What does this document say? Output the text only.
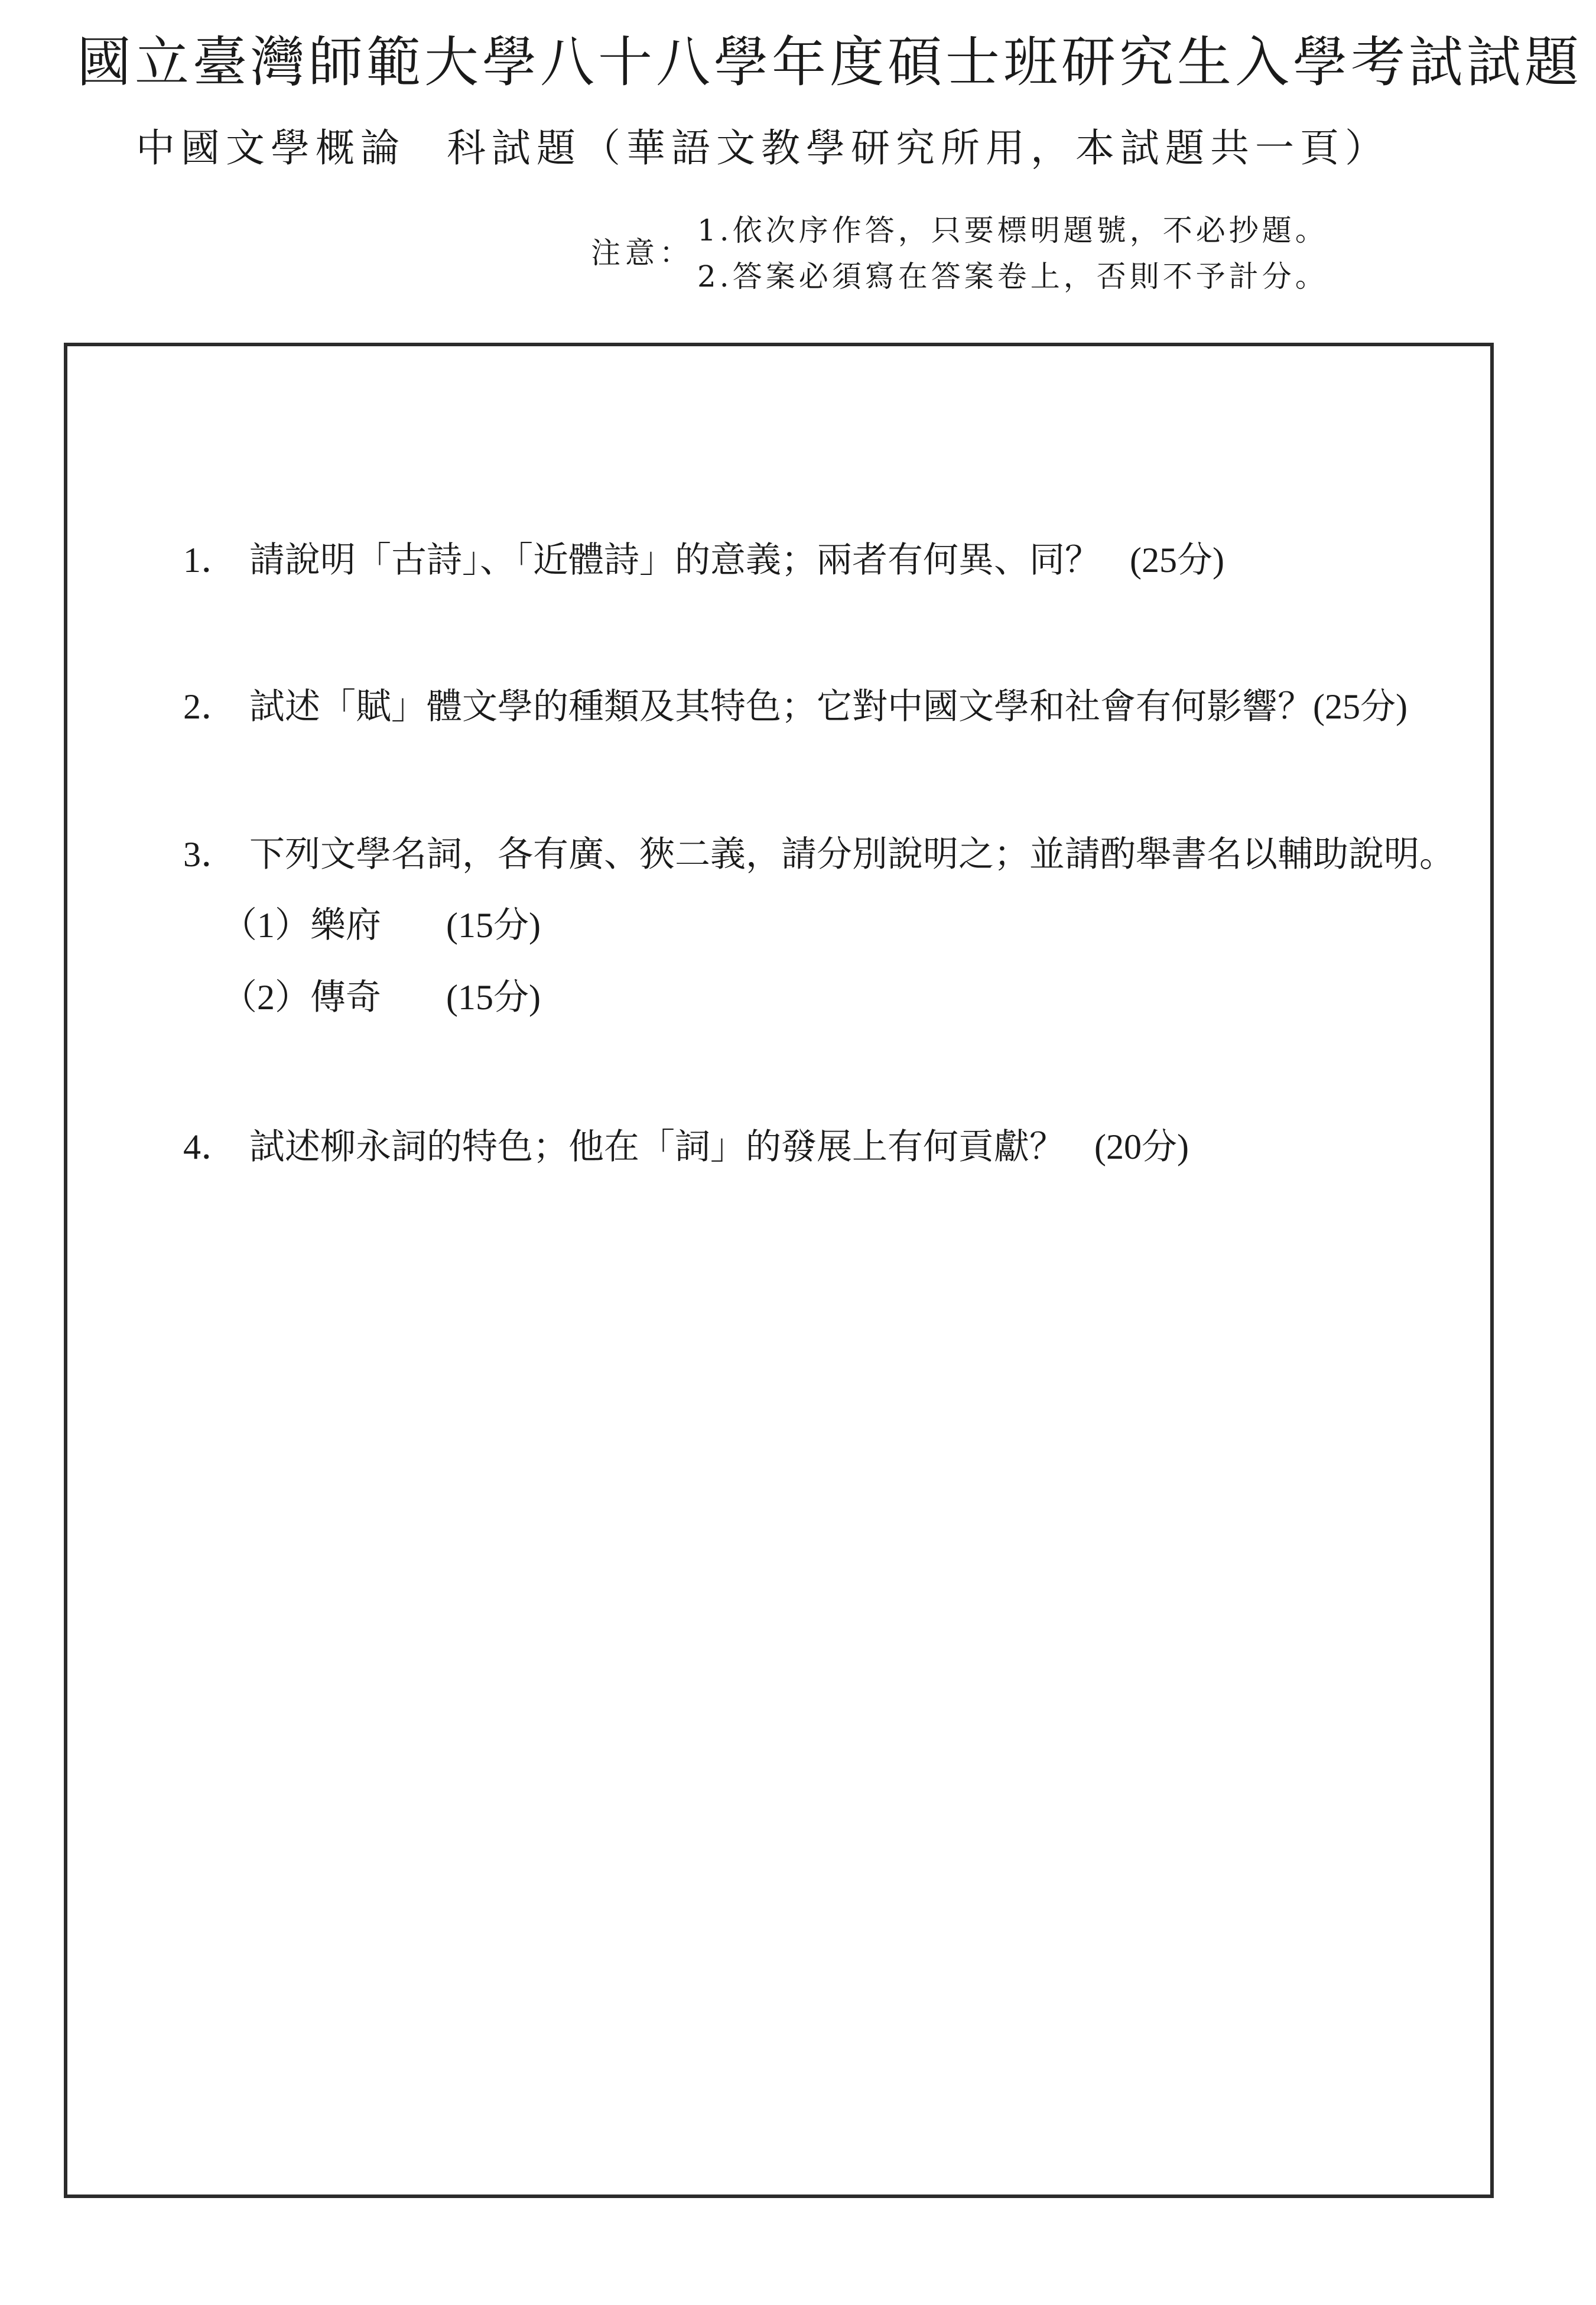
國立臺灣師範大學八十八學年度碩士班研究生入學考試試題
中國文學概論 科試題（華語文教學研究所用，本試題共一頁）
注意：
1.依次序作答，只要標明題號，不必抄題。
2.答案必須寫在答案卷上，否則不予計分。
1． 請說明「古詩」、「近體詩」的意義；兩者有何異、同？ (25分)
2． 試述「賦」體文學的種類及其特色；它對中國文學和社會有何影響？(25分)
3． 下列文學名詞，各有廣、狹二義，請分別說明之；並請酌舉書名以輔助說明。
（1）樂府 (15分)
（2）傳奇 (15分)
4． 試述柳永詞的特色；他在「詞」的發展上有何貢獻？ (20分)
